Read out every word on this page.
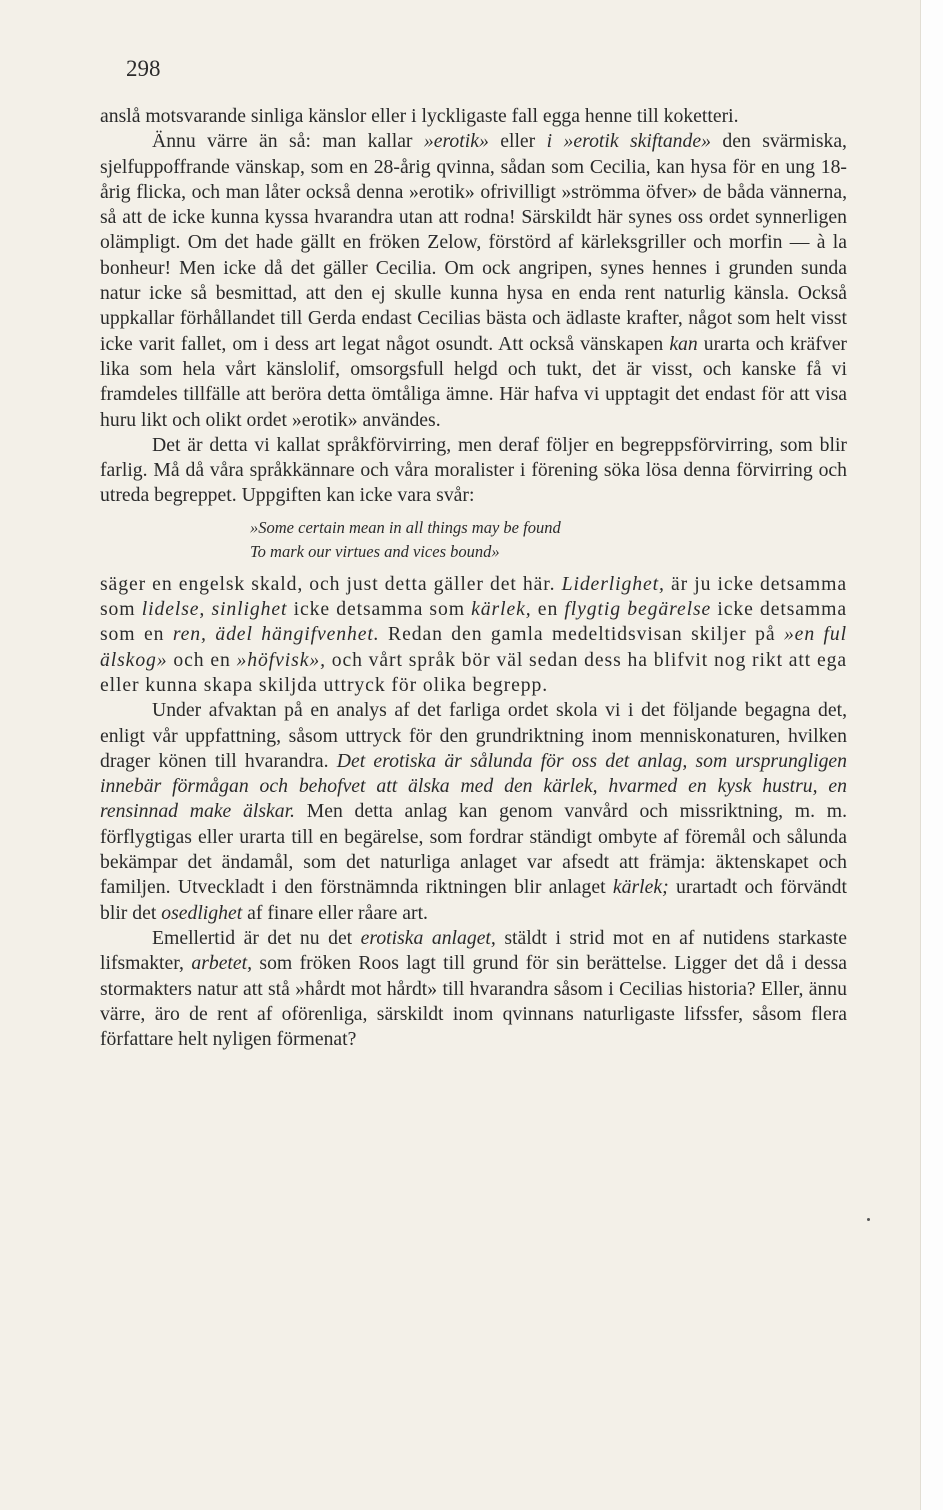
298

anslå motsvarande sinliga känslor eller i lyckligaste fall egga henne till koketteri.

Ännu värre än så: man kallar »erotik» eller i »erotik skiftande» den svärmiska, sjelfuppoffrande vänskap, som en 28-årig qvinna, sådan som Cecilia, kan hysa för en ung 18-årig flicka, och man låter också denna »erotik» ofrivilligt »strömma öfver» de båda vännerna, så att de icke kunna kyssa hvarandra utan att rodna! Särskildt här synes oss ordet synnerligen olämpligt. Om det hade gällt en fröken Zelow, förstörd af kärleksgriller och morfin — à la bonheur! Men icke då det gäller Cecilia. Om ock angripen, synes hennes i grunden sunda natur icke så besmittad, att den ej skulle kunna hysa en enda rent naturlig känsla. Också uppkallar förhållandet till Gerda endast Cecilias bästa och ädlaste krafter, något som helt visst icke varit fallet, om i dess art legat något osundt. Att också vänskapen kan urarta och kräfver lika som hela vårt känslolif, omsorgsfull helgd och tukt, det är visst, och kanske få vi framdeles tillfälle att beröra detta ömtåliga ämne. Här hafva vi upptagit det endast för att visa huru likt och olikt ordet »erotik» användes.

Det är detta vi kallat språkförvirring, men deraf följer en begreppsförvirring, som blir farlig. Må då våra språkkännare och våra moralister i förening söka lösa denna förvirring och utreda begreppet. Uppgiften kan icke vara svår:

»Some certain mean in all things may be found
To mark our virtues and vices bound»

säger en engelsk skald, och just detta gäller det här. Liderlighet, är ju icke detsamma som lidelse, sinlighet icke detsamma som kärlek, en flygtig begärelse icke detsamma som en ren, ädel hängifvenhet. Redan den gamla medeltidsvisan skiljer på »en ful älskog» och en »höfvisk», och vårt språk bör väl sedan dess ha blifvit nog rikt att ega eller kunna skapa skiljda uttryck för olika begrepp.

Under afvaktan på en analys af det farliga ordet skola vi i det följande begagna det, enligt vår uppfattning, såsom uttryck för den grundriktning inom menniskonaturen, hvilken drager könen till hvarandra. Det erotiska är sålunda för oss det anlag, som ursprungligen innebär förmågan och behofvet att älska med den kärlek, hvarmed en kysk hustru, en rensinnad make älskar. Men detta anlag kan genom vanvård och missriktning, m. m. förflygtigas eller urarta till en begärelse, som fordrar ständigt ombyte af föremål och sålunda bekämpar det ändamål, som det naturliga anlaget var afsedt att främja: äktenskapet och familjen. Utveckladt i den förstnämnda riktningen blir anlaget kärlek; urartadt och förvändt blir det osedlighet af finare eller råare art.

Emellertid är det nu det erotiska anlaget, stäldt i strid mot en af nutidens starkaste lifsmakter, arbetet, som fröken Roos lagt till grund för sin berättelse. Ligger det då i dessa stormakters natur att stå »hårdt mot hårdt» till hvarandra såsom i Cecilias historia? Eller, ännu värre, äro de rent af oförenliga, särskildt inom qvinnans naturligaste lifssfer, såsom flera författare helt nyligen förmenat?
